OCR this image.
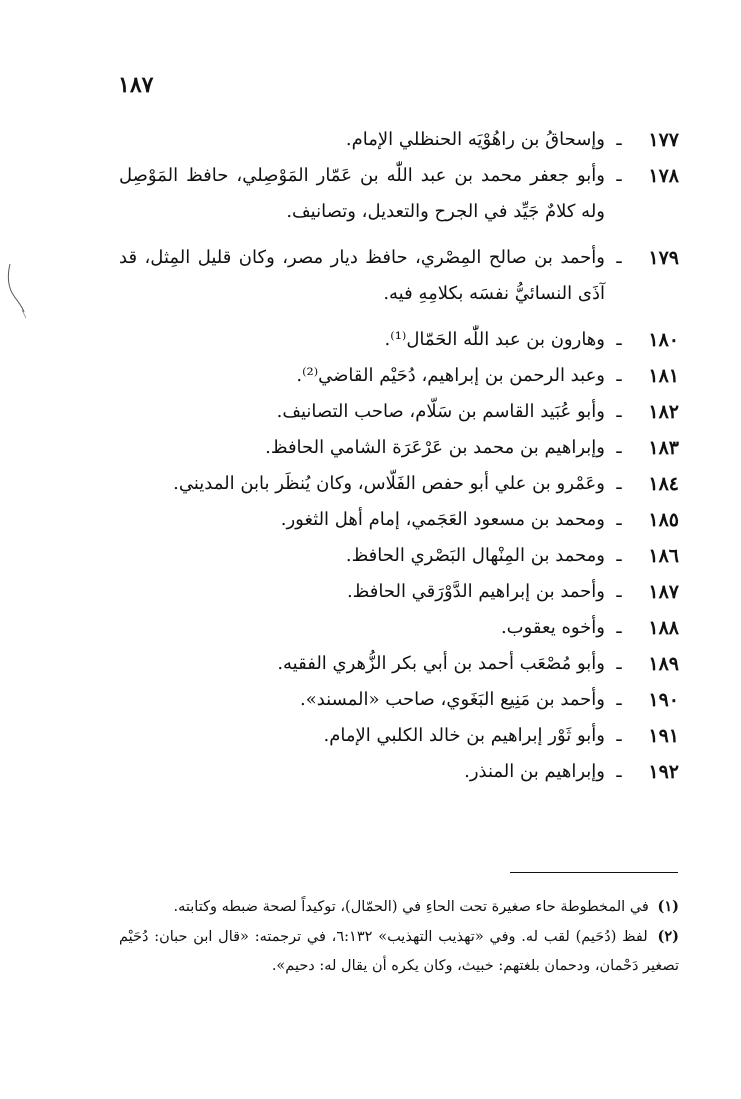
١٨٧
١٧٧
ـ
وإسحاقُ بن راهُوْيَه الحنظلي الإمام.
١٧٨
ـ
وأبو جعفر محمد بن عبد اللّٰه بن عَمّار المَوْصِلي، حافظ المَوْصِل وله كلامٌ جَيِّد في الجرح والتعديل، وتصانيف.
١٧٩
ـ
وأحمد بن صالح المِصْري، حافظ ديار مصر، وكان قليل المِثل، قد آذَى النسائيُّ نفسَه بكلامِهِ فيه.
١٨٠
ـ
وهارون بن عبد اللّٰه الحَمّال⁽¹⁾.
١٨١
ـ
وعبد الرحمن بن إبراهيم، دُحَيْم القاضي⁽²⁾.
١٨٢
ـ
وأبو عُبَيد القاسم بن سَلّام، صاحب التصانيف.
١٨٣
ـ
وإبراهيم بن محمد بن عَرْعَرَة الشامي الحافظ.
١٨٤
ـ
وعَمْرو بن علي أبو حفص الفَلّاس، وكان يُنظَر بابن المديني.
١٨٥
ـ
ومحمد بن مسعود العَجَمي، إمام أهل الثغور.
١٨٦
ـ
ومحمد بن المِنْهال البَصْري الحافظ.
١٨٧
ـ
وأحمد بن إبراهيم الدَّوْرَقي الحافظ.
١٨٨
ـ
وأخوه يعقوب.
١٨٩
ـ
وأبو مُصْعَب أحمد بن أبي بكر الزُّهري الفقيه.
١٩٠
ـ
وأحمد بن مَنِيع البَغَوي، صاحب «المسند».
١٩١
ـ
وأبو ثَوْر إبراهيم بن خالد الكلبي الإمام.
١٩٢
ـ
وإبراهيم بن المنذر.
(١) في المخطوطة حاء صغيرة تحت الحاءِ في (الحمّال)، توكيداً لصحة ضبطه وكتابته.
(٢) لفظ (دُحَيم) لقب له. وفي «تهذيب التهذيب» ٦:١٣٢، في ترجمته: «قال ابن حبان: دُحَيْم تصغير دَحْمان، ودحمان بلغتهم: خبيث، وكان يكره أن يقال له: دحيم».
